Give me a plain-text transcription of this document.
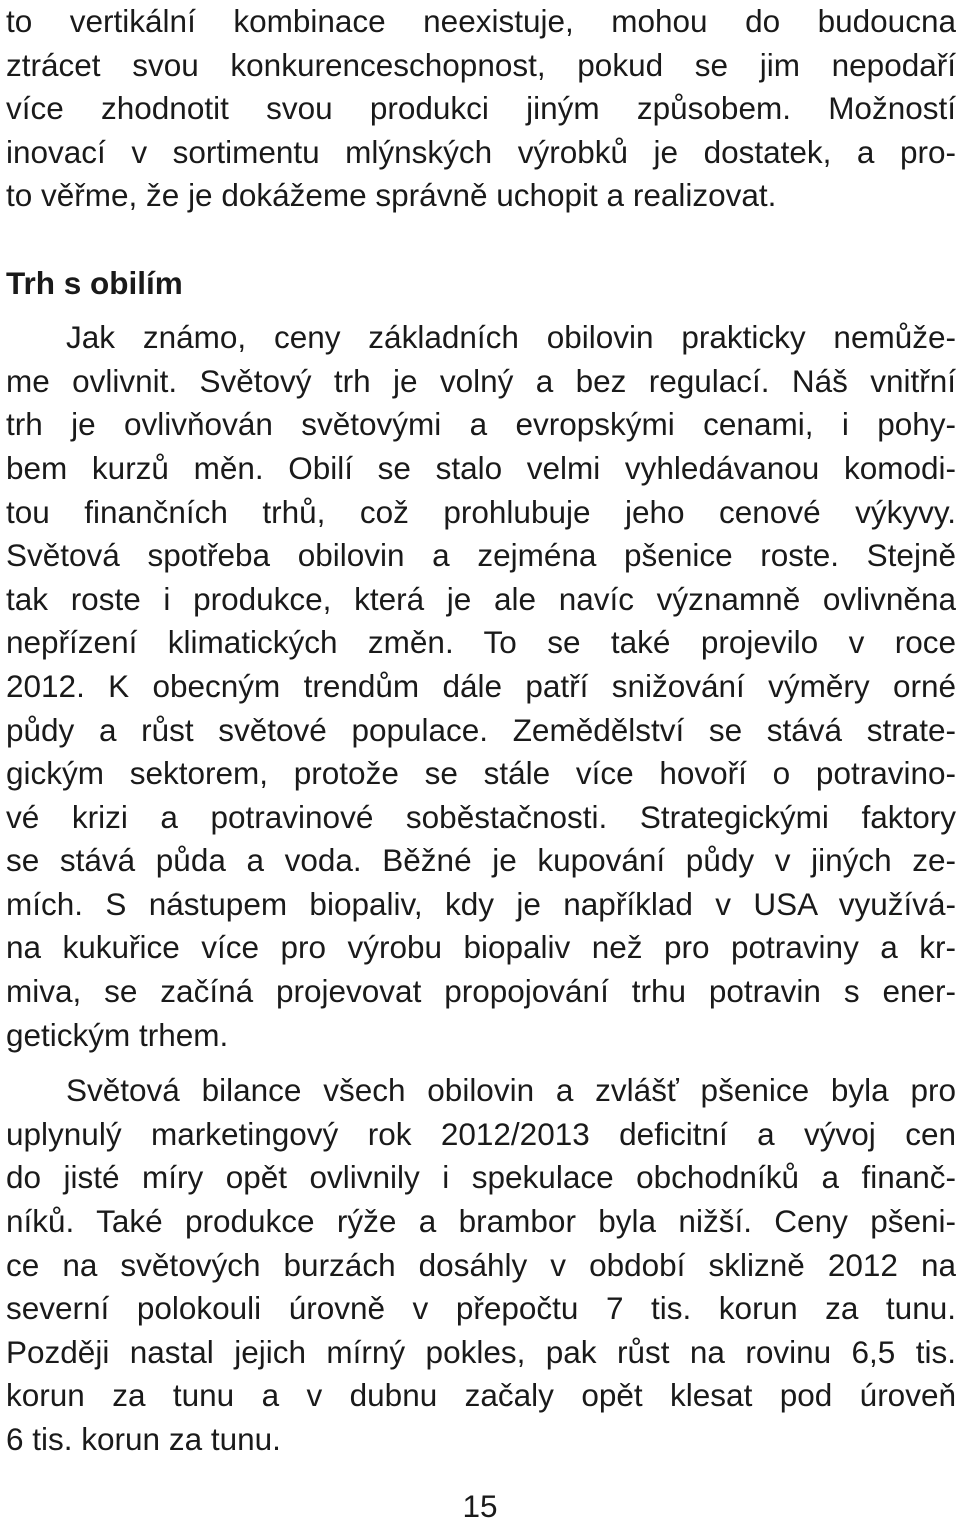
to vertikální kombinace neexistuje, mohou do budoucna
ztrácet svou konkurenceschopnost, pokud se jim nepodaří
více zhodnotit svou produkci jiným způsobem. Možností
inovací v sortimentu mlýnských výrobků je dostatek, a pro-
to věřme, že je dokážeme správně uchopit a realizovat.
Trh s obilím
Jak známo, ceny základních obilovin prakticky nemůže-
me ovlivnit. Světový trh je volný a bez regulací. Náš vnitřní
trh je ovlivňován světovými a evropskými cenami, i pohy-
bem kurzů měn. Obilí se stalo velmi vyhledávanou komodi-
tou finančních trhů, což prohlubuje jeho cenové výkyvy.
Světová spotřeba obilovin a zejména pšenice roste. Stejně
tak roste i produkce, která je ale navíc významně ovlivněna
nepřízení klimatických změn. To se také projevilo v roce
2012. K obecným trendům dále patří snižování výměry orné
půdy a růst světové populace. Zemědělství se stává strate-
gickým sektorem, protože se stále více hovoří o potravino-
vé krizi a potravinové soběstačnosti. Strategickými faktory
se stává půda a voda. Běžné je kupování půdy v jiných ze-
mích. S nástupem biopaliv, kdy je například v USA využívá-
na kukuřice více pro výrobu biopaliv než pro potraviny a kr-
miva, se začíná projevovat propojování trhu potravin s ener-
getickým trhem.
Světová bilance všech obilovin a zvlášť pšenice byla pro
uplynulý marketingový rok 2012/2013 deficitní a vývoj cen
do jisté míry opět ovlivnily i spekulace obchodníků a finanč-
níků. Také produkce rýže a brambor byla nižší. Ceny pšeni-
ce na světových burzách dosáhly v období sklizně 2012 na
severní polokouli úrovně v přepočtu 7 tis. korun za tunu.
Později nastal jejich mírný pokles, pak růst na rovinu 6,5 tis.
korun za tunu a v dubnu začaly opět klesat pod úroveň
6 tis. korun za tunu.
15
